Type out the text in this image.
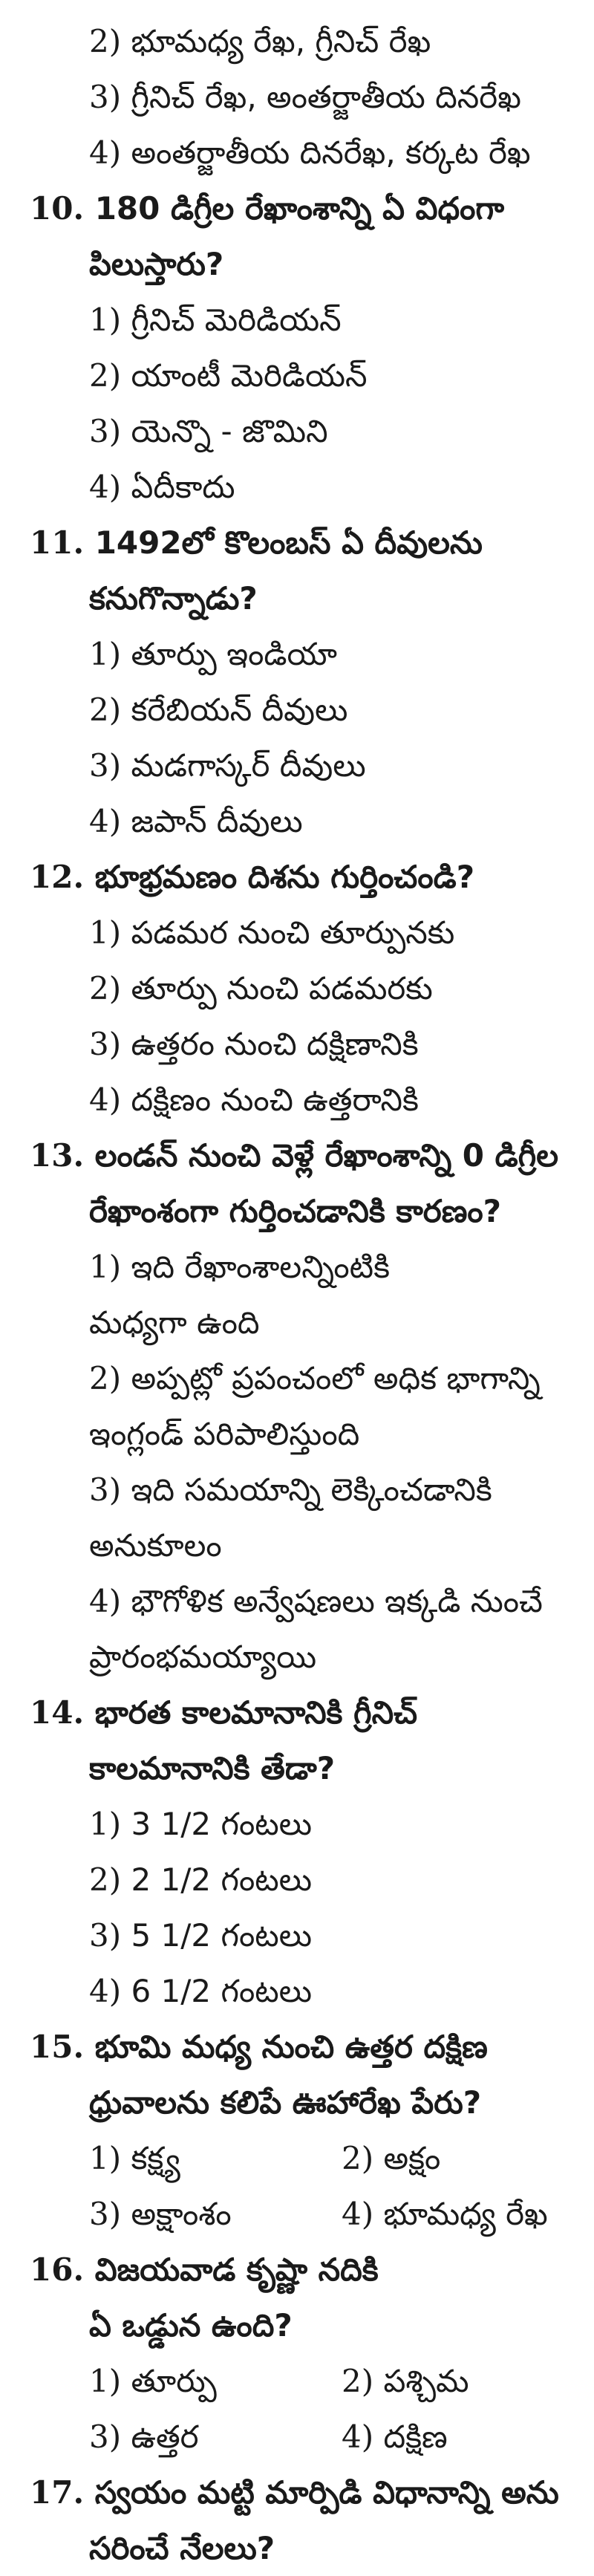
2) భూమధ్య రేఖ, గ్రీనిచ్ రేఖ
3) గ్రీనిచ్ రేఖ, అంతర్జాతీయ దినరేఖ
4) అంతర్జాతీయ దినరేఖ, కర్కట రేఖ
10. 180 డిగ్రీల రేఖాంశాన్ని ఏ విధంగా
పిలుస్తారు?
1) గ్రీనిచ్ మెరిడియన్
2) యాంటీ మెరిడియన్
3) యెన్నొ - జొమిని
4) ఏదీకాదు
11. 1492లో కొలంబస్ ఏ దీవులను
కనుగొన్నాడు?
1) తూర్పు ఇండియా
2) కరేబియన్ దీవులు
3) మడగాస్కర్ దీవులు
4) జపాన్ దీవులు
12. భూభ్రమణం దిశను గుర్తించండి?
1) పడమర నుంచి తూర్పునకు
2) తూర్పు నుంచి పడమరకు
3) ఉత్తరం నుంచి దక్షిణానికి
4) దక్షిణం నుంచి ఉత్తరానికి
13. లండన్ నుంచి వెళ్లే రేఖాంశాన్ని 0 డిగ్రీల
రేఖాంశంగా గుర్తించడానికి కారణం?
1) ఇది రేఖాంశాలన్నింటికి
మధ్యగా ఉంది
2) అప్పట్లో ప్రపంచంలో అధిక భాగాన్ని
ఇంగ్లండ్ పరిపాలిస్తుంది
3) ఇది సమయాన్ని లెక్కించడానికి
అనుకూలం
4) భౌగోళిక అన్వేషణలు ఇక్కడి నుంచే
ప్రారంభమయ్యాయి
14. భారత కాలమానానికి గ్రీనిచ్
కాలమానానికి తేడా?
1) 3 1/2 గంటలు
2) 2 1/2 గంటలు
3) 5 1/2 గంటలు
4) 6 1/2 గంటలు
15. భూమి మధ్య నుంచి ఉత్తర దక్షిణ
ధ్రువాలను కలిపే ఊహారేఖ పేరు?
1) కక్ష్య	2) అక్షం
3) అక్షాంశం	4) భూమధ్య రేఖ
16. విజయవాడ కృష్ణా నదికి
ఏ ఒడ్డున ఉంది?
1) తూర్పు	2) పశ్చిమ
3) ఉత్తర	4) దక్షిణ
17. స్వయం మట్టి మార్పిడి విధానాన్ని అను
సరించే నేలలు?
